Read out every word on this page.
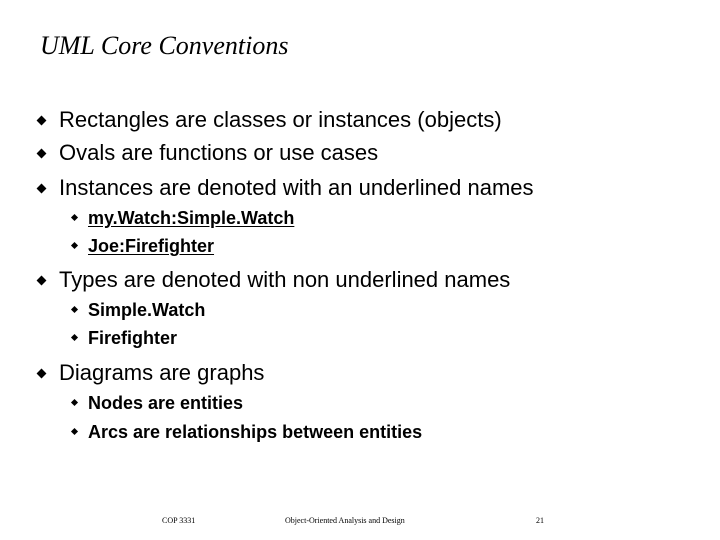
UML Core Conventions
Rectangles are classes or instances (objects)
Ovals are functions or use cases
Instances are denoted with an underlined names
my.Watch:Simple.Watch
Joe:Firefighter
Types are denoted with non underlined names
Simple.Watch
Firefighter
Diagrams are graphs
Nodes are entities
Arcs are relationships between entities
COP 3331	Object-Oriented Analysis and Design	21
